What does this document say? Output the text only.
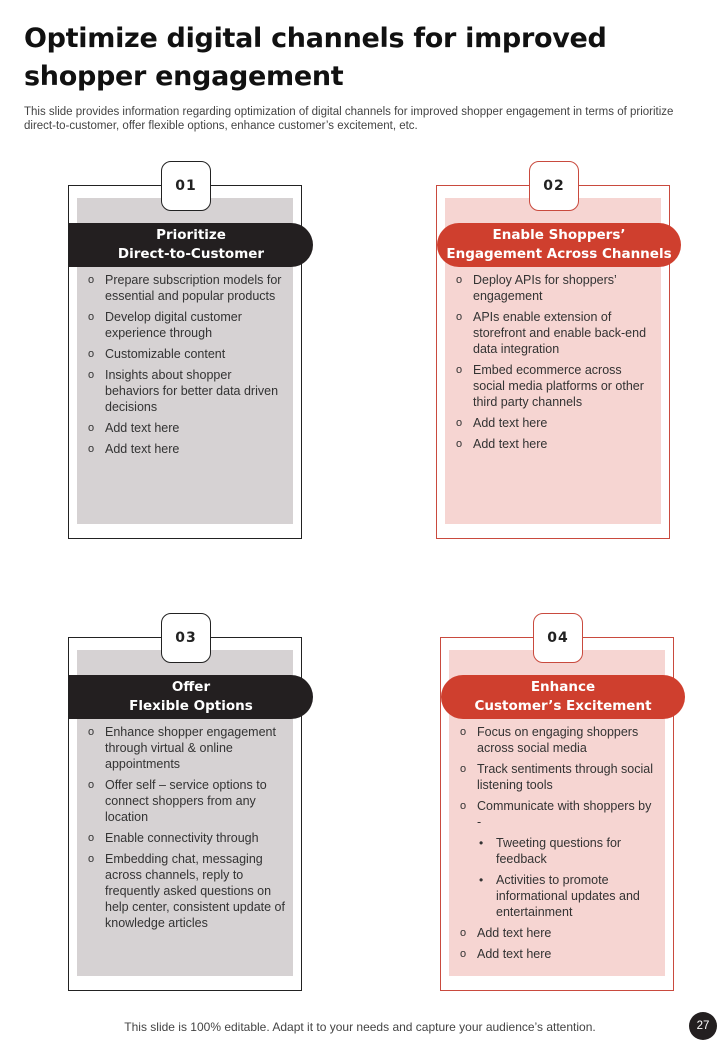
Optimize digital channels for improved shopper engagement

This slide provides information regarding optimization of digital channels for improved shopper engagement in terms of prioritize direct-to-customer, offer flexible options, enhance customer’s excitement, etc.

01
Prioritize
Direct-to-Customer
o Prepare subscription models for essential and popular products
o Develop digital customer experience through
o Customizable content
o Insights about shopper behaviors for better data driven decisions
o Add text here
o Add text here
02
Enable Shoppers’
Engagement Across Channels
o Deploy APIs for shoppers’ engagement
o APIs enable extension of storefront and enable back-end data integration
o Embed ecommerce across social media platforms or other third party channels
o Add text here
o Add text here
03
Offer
Flexible Options
o Enhance shopper engagement through virtual & online appointments
o Offer self – service options to connect shoppers from any location
o Enable connectivity through
o Embedding chat, messaging across channels, reply to frequently asked questions on help center, consistent update of knowledge articles
04
Enhance
Customer’s Excitement
o Focus on engaging shoppers across social media
o Track sentiments through social listening tools
o Communicate with shoppers by -
• Tweeting questions for feedback
• Activities to promote informational updates and entertainment
o Add text here
o Add text here
This slide is 100% editable. Adapt it to your needs and capture your audience’s attention.	27
